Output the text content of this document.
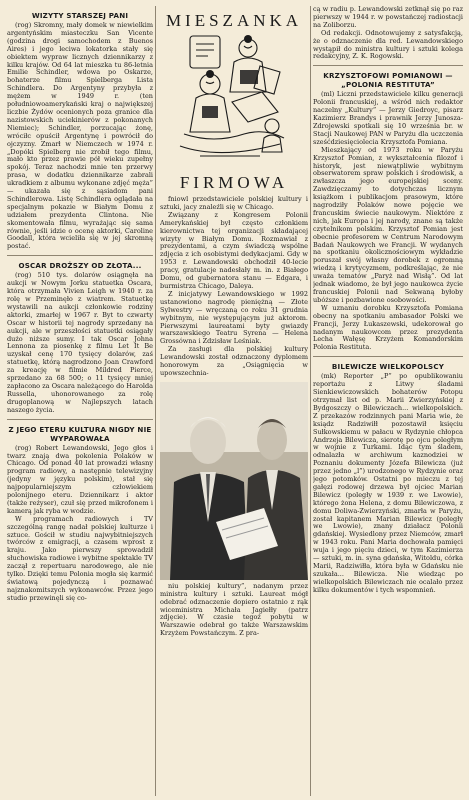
WIZYTY STARSZEJ PANI

(rog) Skromny, mały domek w niewielkim argentyńskim miasteczku San Vicente (godzina drogi samochodem z Buenos Aires) i jego leciwa lokatorka stały się obiektem wypraw licznych dziennikarzy z kilku krajów. Od 64 lat mieszka tu 86-letnia Emilie Schindler, wdowa po Oskarze, bohaterze filmu Spielberga Lista Schindlera. Do Argentyny przybyła z mężem w 1949 r. (ten południowoamerykański kraj o największej liczbie Żydów ocenionych poza granice dla nazistowskich uciekinierów z pokonanych Niemiec); Schindler, porzucając żonę, wróciłc opuścił Argentynę i powrócił do ojczyzny. Zmarł w Niemczech w 1974 r. „Dopóki Spielberg nie zrobił tego filmu, mało kto przez prawie pół wieku zupełny spokój. Teraz nachodzi mnie ten przerwy prasa, w dodatku dziennikarze zabrali ukradkiem z albumu wykonane zdjęć męża” — ukazała się z sąsiadom pani Schindlerowa. Listę Schindlera oglądała na specjalnym pokazie w Białym Domu z udziałem prezydenta Clintona. Nie skomentowała filmu, wyrażając się sama równie, jeśli idzie o ocenę aktorki, Caroline Goodall, która wcieliła się w jej skromną postać.

OSCAR DROŻSZY OD ZŁOTA...

(rog) 510 tys. dolarów osiągnęła na aukcji w Nowym Jorku statuetka Oscara, która otrzymała Vivien Leigh w 1940 r. za rolę w Przeminęło z wiatrem. Statuetkę wystawili na aukcji członkowie rodziny aktorki, zmarłej w 1967 r. Byt to czwarty Oscar w historii tej nagrody sprzedany na aukcji, ale w przeszłości statuetki osiągały dużo niższe sumy. I tak Oscar Johna Lennona za piosenkę z filmu Let It Be uzyskał cenę 170 tysięcy dolarów, zaś statuetkę, którą nagrodzono Joan Crawford za kreację w filmie Mildred Pierce, sprzedano za 68 500; o 11 tysięcy mniej zapłacono za Oscara należącego do Harolda Russella, uhonorowanego za rolę drugoplanową w Najlepszych latach naszego życia.

Z JEGO ETERU KULTURA NIGDY NIE WYPAROWAŁA

(rog) Robert Lewandowski, Jego głos i twarz znają dwa pokolenia Polaków w Chicago. Od ponad 40 lat prowadzi własny program radiowy, a następnie telewizyjny (jedyny w języku polskim), stał się najpopularniejszym człowiekiem polonijnego eteru. Dziennikarz i aktor (także reżyser), czuł się przed mikrofonem i kamerą jak ryba w wodzie.

W programach radiowych i TV szczególną rangę nadał polskiej kulturze i sztuce. Gościł w studiu najwybitniejszych twórców z emigracji, a czasem wprost z kraju. Jako pierwszy sprowadził słuchowiska radiowe i wybitne spektakle TV zaczął z repertuaru narodowego, ale nie tylko. Dzięki temu Polonia mogła się karmić światową pojedynczą i poznawać najznakomitszych wykonawców. Przez jego studio przewinęli się co-

MIESZANKA
FIRMOWA

fniowl przedstawiciele polskiej kultury i sztuki, jacy znaleźli się w Chicago.

Związany z Kongresem Polonii Amerykańskiej był często członkiem kierownictwa tej organizacji składającej wizyty w Białym Domu. Rozmawiał z prezydentami, a czym świadczą wspólne zdjęcia z ich osobistymi dedykacjami. Gdy w 1953 r. Lewandowski obchodził 40-lecie pracy, gratulacje nadesłały m. in. z Białego Domu, od gubernatora stanu — Edgara, i burmistrza Chicago, Daleya.

Z inicjatywy Lewandowskiego w 1992 ustanowiono nagrodę pieniężną — Złote Sylwestry — wręczaną co roku 31 grudnia wybitnym, nie występującym już aktorom. Pierwszymi laureatami byty gwiazdy warszawskiego Teatru Syrena — Helena Grossówna i Zdzisław Leśniak.

Za zasługi dla polskiej kultury Lewandowski został odznaczony dyplomem honorowym za „Osiągnięcia w upowszechnia-

niu polskiej kultury”, nadanym przez ministra kultury i sztuki. Laureat mógł odebrać odznaczenie dopiero ostatnio z rąk wiceministra Michała Jagiełły (patrz zdjęcie). W czasie tegoż pobytu w Warszawie odebrał go także Warszawskim Krzyżem Powstańczym. Z pra-

cą w radiu p. Lewandowski zetknął się po raz pierwszy w 1944 r. w powstańczej radiostacji na Zoliborzu.

Od redakcji. Odnotowujemy z satysfakcją, że o odznaczenie dla red. Lewandowskiego wystąpił do ministra kultury i sztuki kolega redakcyjny, Z. K. Rogowski.

KRZYSZTOFOWI POMIANOWI — „POLONIA RESTITUTA”

(ml) Liczni przedstawiciele kilku generacji Polonii francuskiej, a wśród nich redaktor naczelny „Kultury” — Jerzy Giedroyc, pisarz Kazimierz Brandys i prawnik Jerzy Junosza-Zdrojewski spotkali się 10 września br. w Stacji Naukowej PAN w Paryżu dla uczczenia sześćdziesięciolecia Krzysztofa Pomiana.

Mieszkający od 1973 roku w Paryżu Krzysztof Pomian, z wykształcenia filozof i historyk, jest niewątpliwie wybitnym obserwatorem spraw polskich i środowisk, a zwłaszcza jego europejskiej sceny. Zawdzięczamy to dotychczas licznym książkom i publikacjom prasowym, które nagrodziły Polaków nowe pojęcie we francuskim świecie naukowym. Niektóre z nich, jak Europa i jej narody, znane są także czytelnikom polskim. Krzysztof Pomian jest obecnie profesorem w Centrum Narodowym Badań Naukowych we Francji. W wydanych na spotkaniu okolicznościowym wykładzie poruszał swój własny dorobek z ogromną wiedzą i krytycyzmem, podkreślając, że nie uważa tematów „Paryż nad Wisłą”. Od lat jednak wiadomo, że był jego naukowca życie francuskiej Polonii nad Sekwaną byłoby ubóższe i pozbawione osobowości.

W uznaniu dorobku Krzysztofa Pomiana obecny na spotkaniu ambasador Polski we Francji, Jerzy Łukaszewski, udekorował go nadanym naukowcom przez prezydenta Lecha Wałęsę Krzyżem Komandorskim Polonia Restituta.

BILEWICZE WIELKOPOLSCY

(mk) Reporter „P” po opublikowaniu reportażu z Litwy śladami Sienkiewiczowskich bohaterów Potopu otrzymał list od p. Marii Zwierzyńskiej z Bydgoszczy o Bilewiczach... wielkopolskich. Z przekazów rodzinnych pani Maria wie, że ksiądz Radziwiłł pozostawił księciu Sułkowskiemu w pałacu w Rydzynie chłopca Andrzeja Bilewicza, sierotę po ojcu poległym w wojnie z Turkami. Idąc tym śladem, odnalazła w archiwum kaznodziei w Poznaniu dokumenty Józefa Bilewicza (już przez jedno „l”) urodzonego w Rydzynie oraz jego potomków. Ostatni po mieczu z tej gałęzi rodowej drzewa był ojciec Marian Bilewicz (poległy w 1939 r. we Lwowie), którego żona Helena, z domu Bilewiczowa, z domu Doliwa-Zwierzyński, zmarła w Paryżu, został kapitanem Marian Bilewicz (poległy we Lwowie), znany działacz Polonii gdańskiej. Wysiedlony przez Niemców, zmarł w 1943 roku. Pani Maria dochowała pamięci wuja i jego pięciu dzieci, w tym Kazimierza — sztuki, m. in. syna gdańska, Witoldu, córka Marii, Radziwiłła, która była w Gdańsku nie szukała... Bilewicza. Nie wiedząc po wielkopolskich Bilewiczach nie ocalało przez kilku dokumentów i tych wspomnień.
